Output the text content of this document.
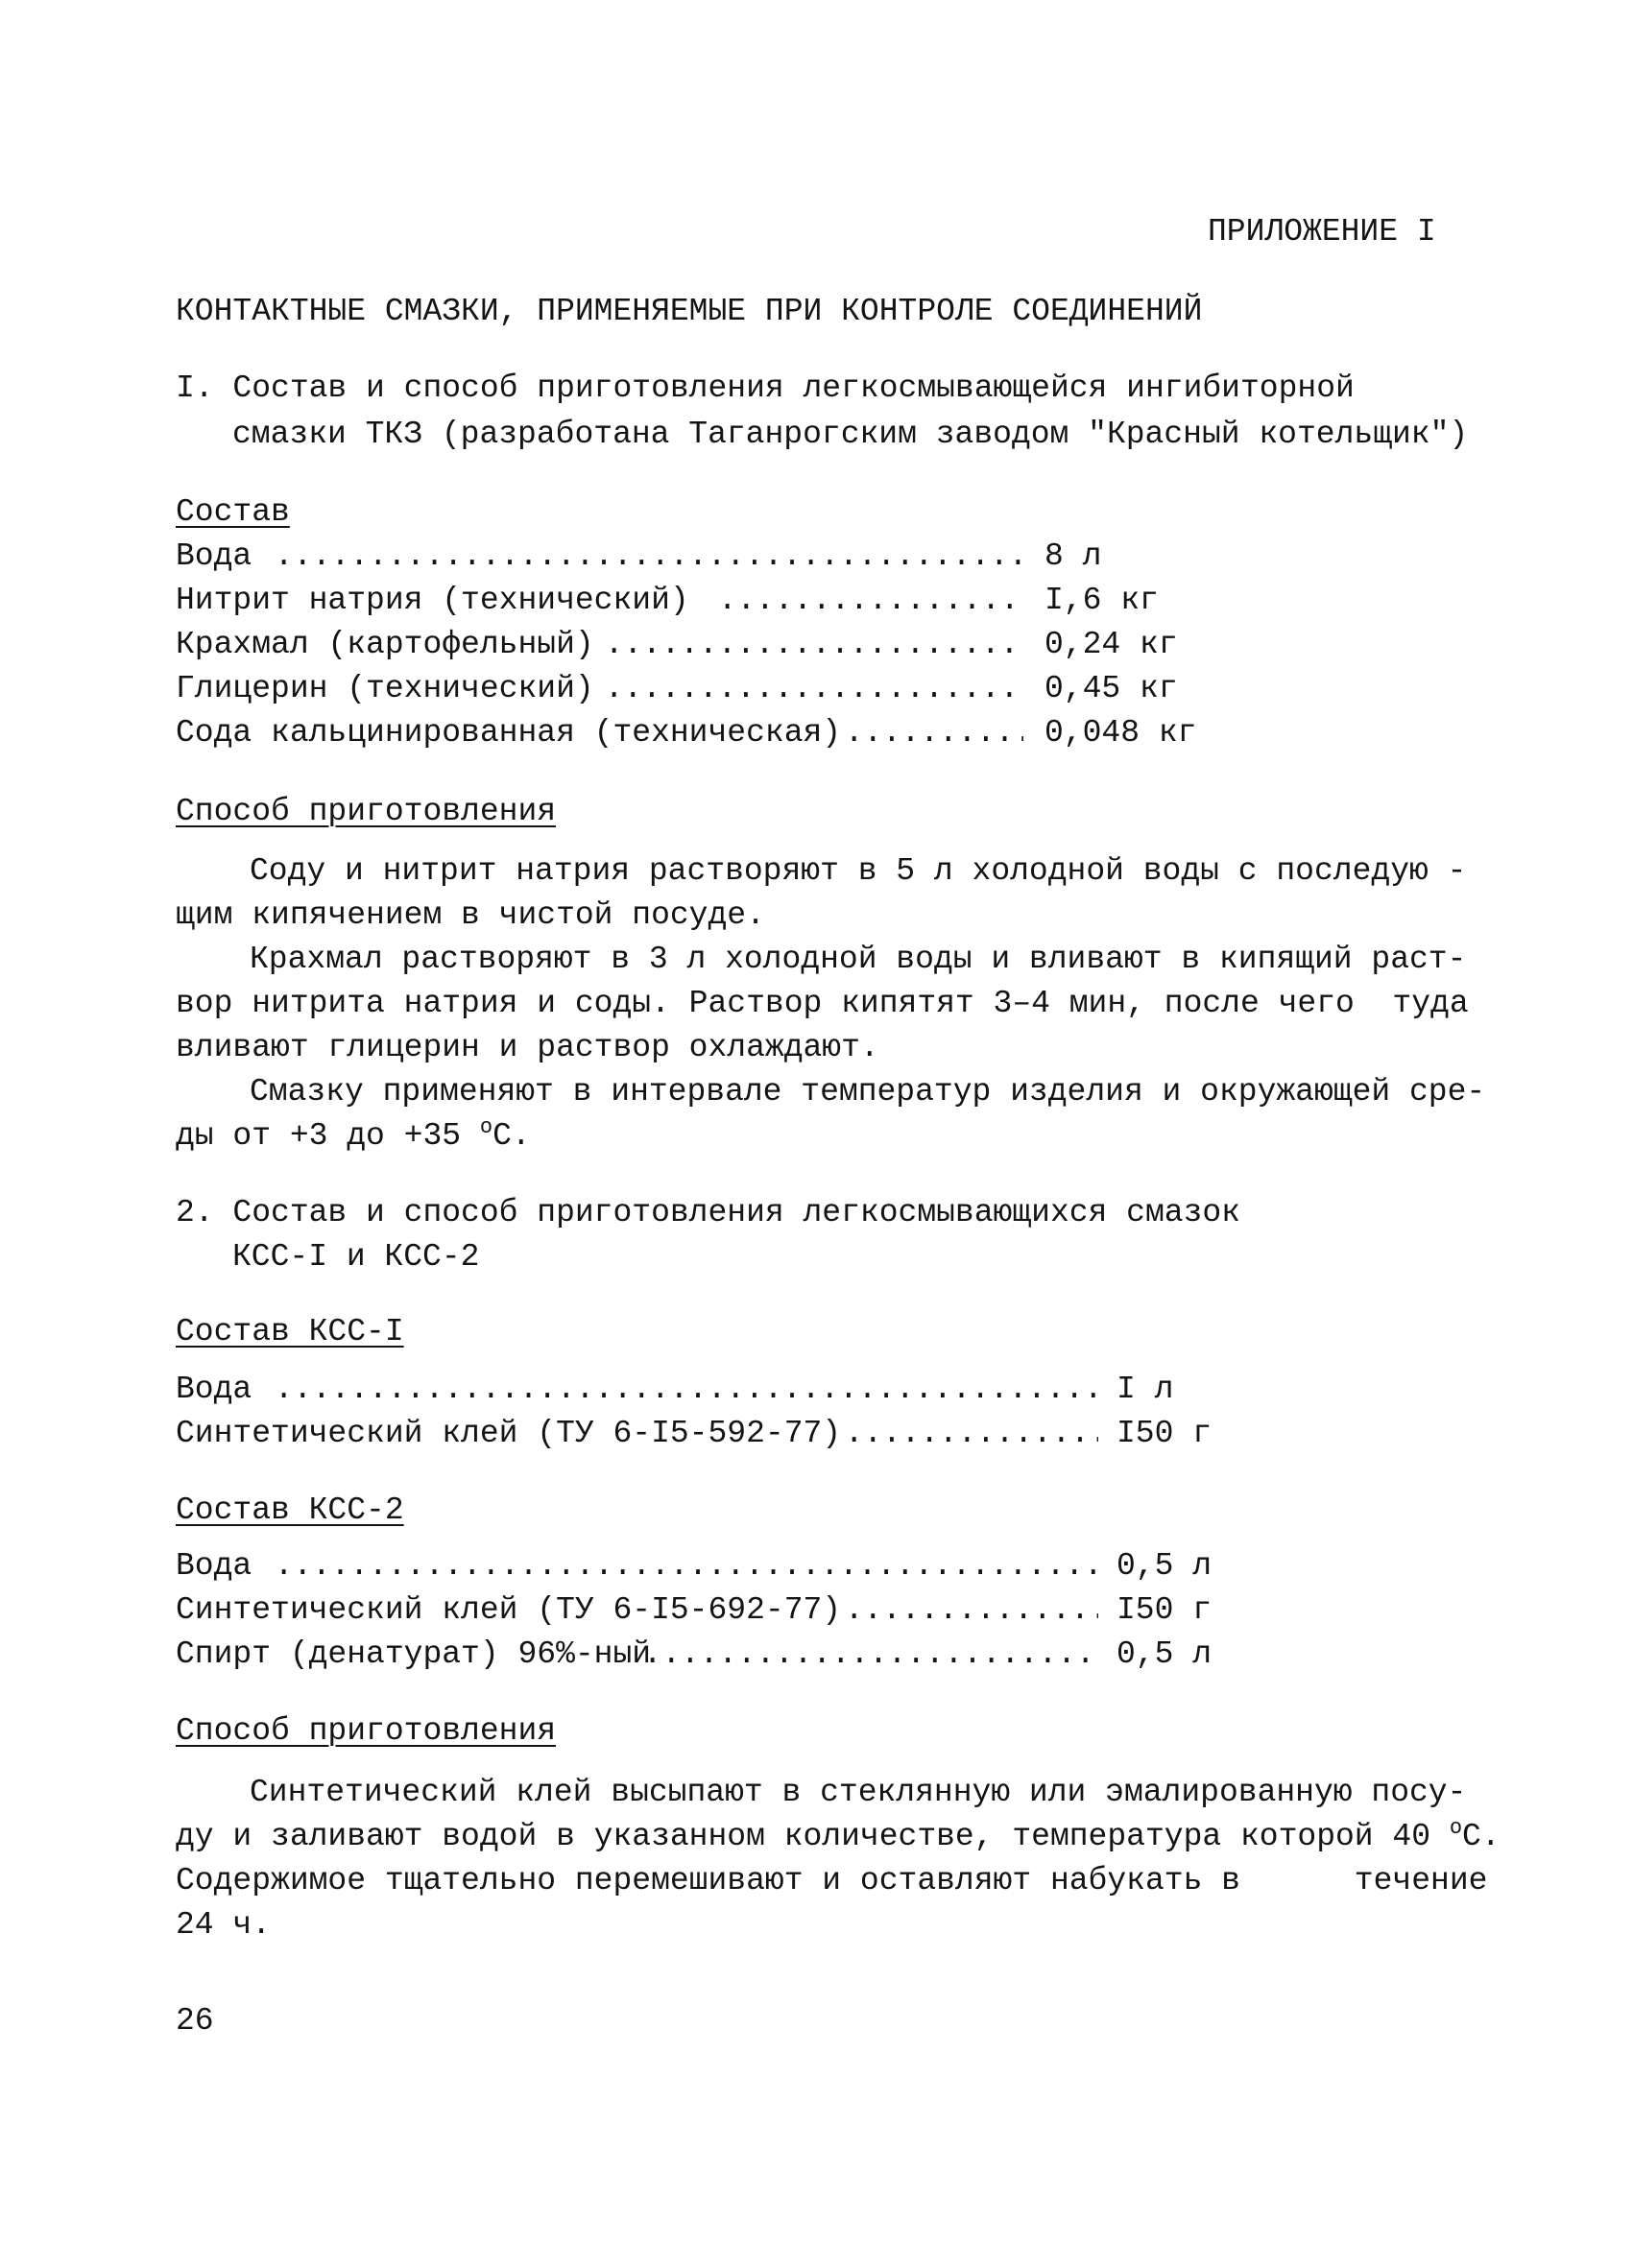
ПРИЛОЖЕНИЕ I
КОНТАКТНЫЕ СМАЗКИ, ПРИМЕНЯЕМЫЕ ПРИ КОНТРОЛЕ СОЕДИНЕНИЙ
I. Состав и способ приготовления легкосмывающейся ингибиторной
смазки ТКЗ (разработана Таганрогским заводом "Красный котельщик")
Состав
Вода . . .	8 л
Нитрит натрия (технический) . . .	I,6 кг
Крахмал (картофельный) . . .	0,24 кг
Глицерин (технический) . . .	0,45 кг
Сода кальцинированная (техническая) . . .	0,048 кг
Способ приготовления
Соду и нитрит натрия растворяют в 5 л холодной воды с последую -
щим кипячением в чистой посуде.
Крахмал растворяют в 3 л холодной воды и вливают в кипящий раст-
вор нитрита натрия и соды. Раствор кипятят 3–4 мин, после чего  туда
вливают глицерин и раствор охлаждают.
Смазку применяют в интервале температур изделия и окружающей сре-
ды от +3 до +35 $^о$С.
2. Состав и способ приготовления легкосмывающихся смазок
КСС-I и КСС-2
Состав КСС-I
Вода . . .	I л
Синтетический клей (ТУ 6-I5-592-77) . . .	I50 г
Состав КСС-2
Вода . . .	0,5 л
Синтетический клей (ТУ 6-I5-692-77) . . .	I50 г
Спирт (денатурат) 96%-ный . . .	0,5 л
Способ приготовления
Синтетический клей высыпают в стеклянную или эмалированную посу-
ду и заливают водой в указанном количестве, температура которой 40 $^о$С.
Содержимое тщательно перемешивают и оставляют набукать в      течение
24 ч.
26
